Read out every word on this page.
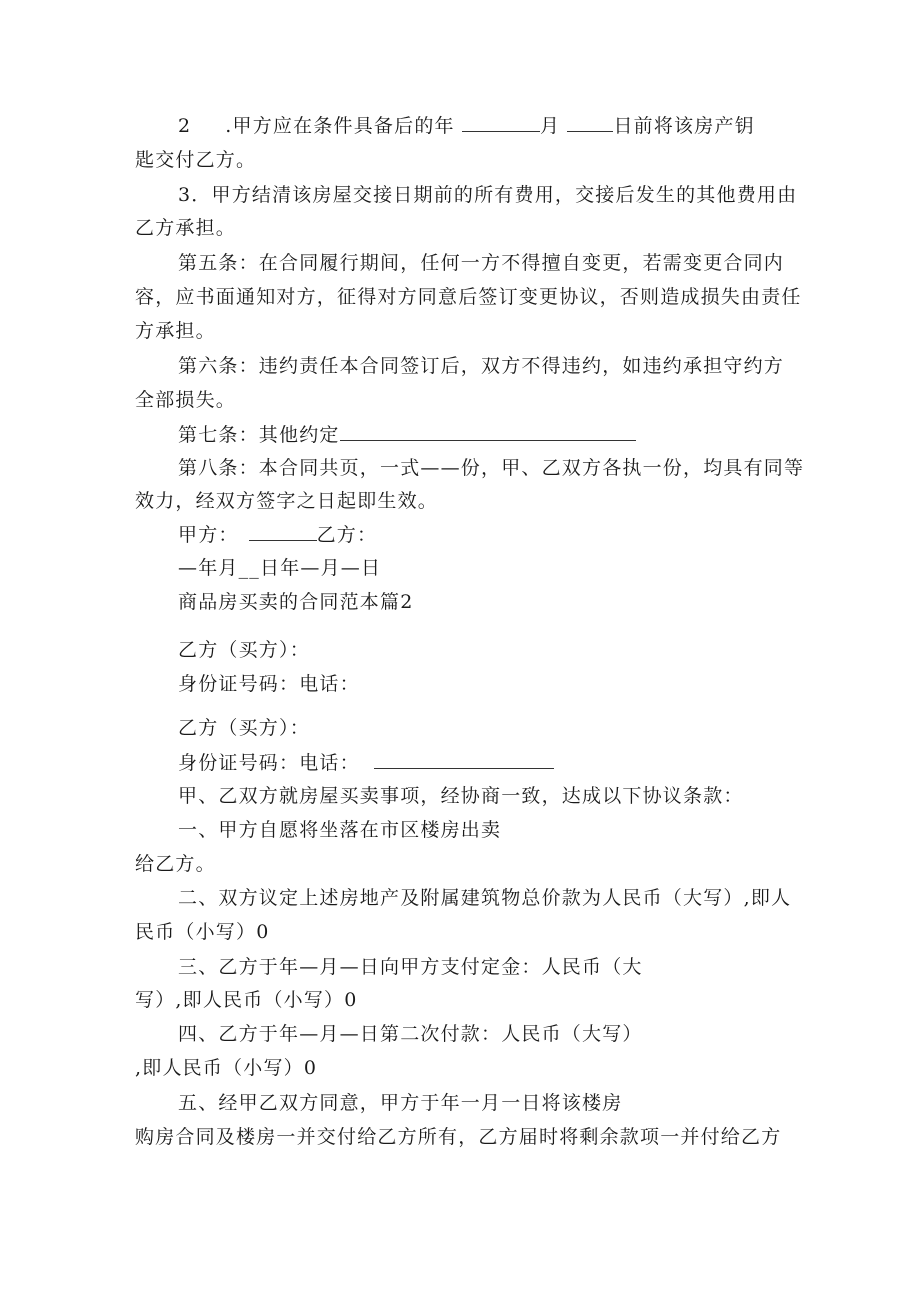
2 .甲方应在条件具备后的年	月	日前将该房产钥
匙交付乙方。
3．甲方结清该房屋交接日期前的所有费用，交接后发生的其他费用由
乙方承担。
第五条：在合同履行期间，任何一方不得擅自变更，若需变更合同内
容，应书面通知对方，征得对方同意后签订变更协议，否则造成损失由责任
方承担。
第六条：违约责任本合同签订后，双方不得违约，如违约承担守约方
全部损失。
第七条：其他约定
第八条：本合同共页，一式——份，甲、乙双方各执一份，均具有同等
效力，经双方签字之日起即生效。
甲方：	乙方：
—年月__日年—月—日
商品房买卖的合同范本篇2
乙方（买方）：
身份证号码：电话：
乙方（买方）：
身份证号码：电话：
甲、乙双方就房屋买卖事项，经协商一致，达成以下协议条款：
一、甲方自愿将坐落在市区楼房出卖
给乙方。
二、双方议定上述房地产及附属建筑物总价款为人民币（大写）,即人
民币（小写）0
三、乙方于年—月—日向甲方支付定金：人民币（大
写）,即人民币（小写）0
四、乙方于年—月—日第二次付款：人民币（大写）
,即人民币（小写）0
五、经甲乙双方同意，甲方于年一月一日将该楼房
购房合同及楼房一并交付给乙方所有，乙方届时将剩余款项一并付给乙方
